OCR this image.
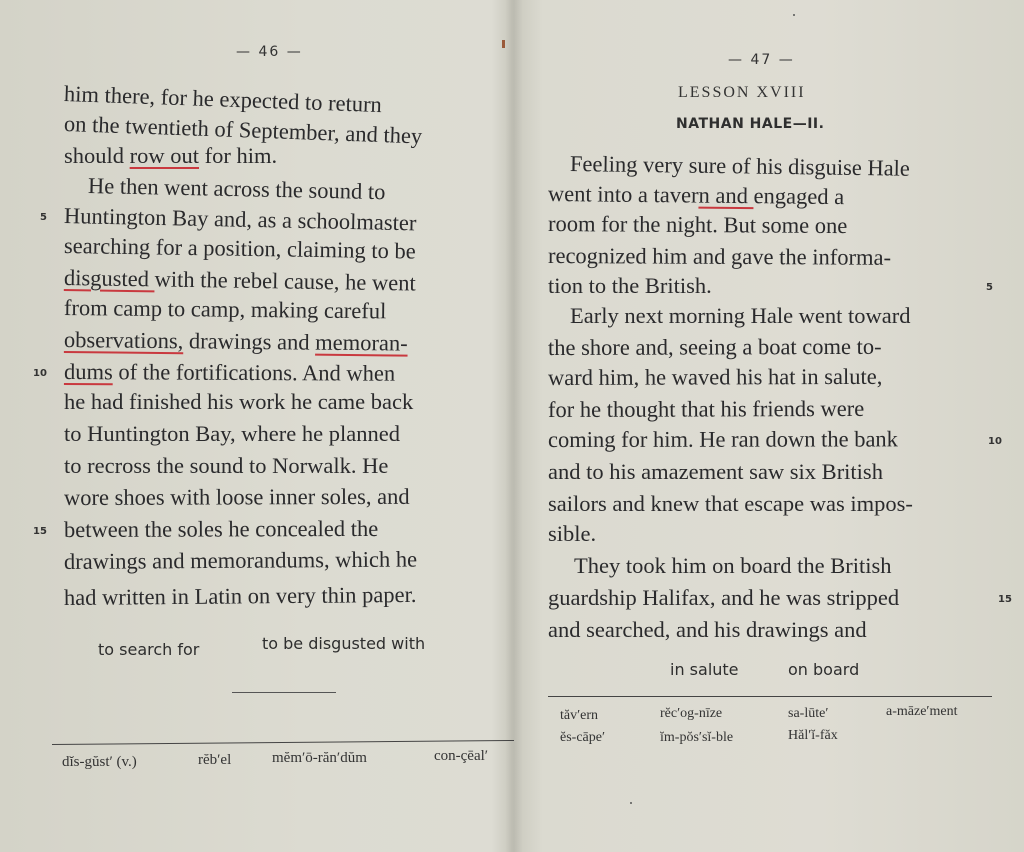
— 46 —
him there, for he expected to return
on the twentieth of September, and they
should row out for him.
He then went across the sound to
Huntington Bay and, as a schoolmaster
5
searching for a position, claiming to be
disgusted with the rebel cause, he went
from camp to camp, making careful
observations, drawings and memoran-
dums of the fortifications. And when
10
he had finished his work he came back
to Huntington Bay, where he planned
to recross the sound to Norwalk. He
wore shoes with loose inner soles, and
between the soles he concealed the
15
drawings and memorandums, which he
had written in Latin on very thin paper.
to search for	to be disgusted with
dĭs-gŭst′ (v.)	rĕb′el	mĕm′ō-răn′dŭm	con-çēal′
— 47 —
LESSON XVIII
NATHAN HALE—II.
Feeling very sure of his disguise Hale
went into a tavern and engaged a
room for the night. But some one
recognized him and gave the informa-
tion to the British.	5
Early next morning Hale went toward
the shore and, seeing a boat come to-
ward him, he waved his hat in salute,
for he thought that his friends were
coming for him. He ran down the bank	10
and to his amazement saw six British
sailors and knew that escape was impos-
sible.
They took him on board the British
guardship Halifax, and he was stripped	15
and searched, and his drawings and
in salute	on board
tăv′ern	rĕc′og-nīze	sa-lūte′	a-māze′ment
ĕs-cāpe′	ĭm-pŏs′sĭ-ble	Hăl′ĭ-făx
